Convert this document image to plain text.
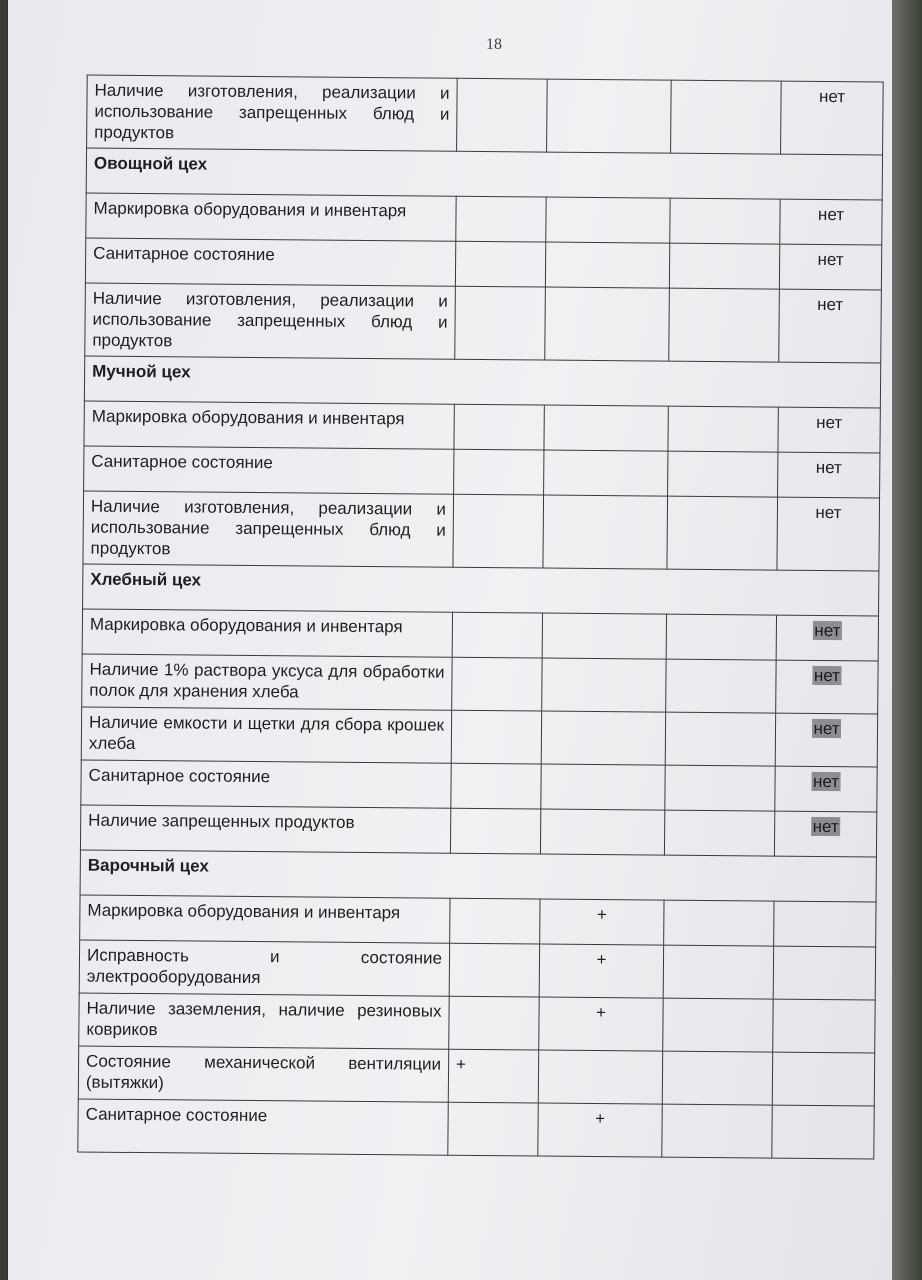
18
Наличие изготовления, реализации и использование запрещенных блюд и продуктов				нет
Овощной цех				
Маркировка оборудования и инвентаря				нет
Санитарное состояние				нет
Наличие изготовления, реализации и использование запрещенных блюд и продуктов				нет
Мучной цех				
Маркировка оборудования и инвентаря				нет
Санитарное состояние				нет
Наличие изготовления, реализации и использование запрещенных блюд и продуктов				нет
Хлебный цех				
Маркировка оборудования и инвентаря				нет
Наличие 1% раствора уксуса для обработки полок для хранения хлеба				нет
Наличие емкости и щетки для сбора крошек хлеба				нет
Санитарное состояние				нет
Наличие запрещенных продуктов				нет
Варочный цех				
Маркировка оборудования и инвентаря		+		
Исправность и состояние электрооборудования		+		
Наличие заземления, наличие резиновых ковриков		+		
Состояние механической вентиляции (вытяжки)	+			
Санитарное состояние		+		
